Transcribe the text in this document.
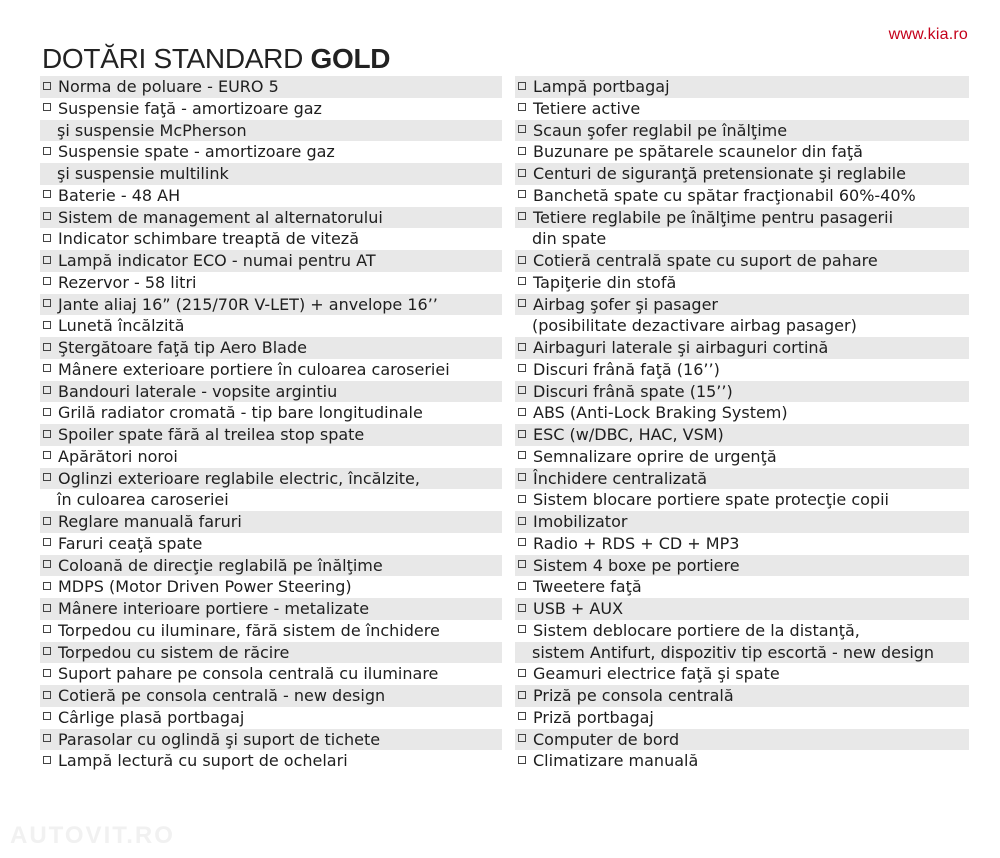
www.kia.ro
DOTĂRI STANDARD GOLD
Norma de poluare - EURO 5
Suspensie faţă - amortizoare gaz
şi suspensie McPherson
Suspensie spate - amortizoare gaz
şi suspensie multilink
Baterie - 48 AH
Sistem de management al alternatorului
Indicator schimbare treaptă de viteză
Lampă indicator ECO - numai pentru AT
Rezervor - 58 litri
Jante aliaj 16” (215/70R V-LET) + anvelope 16’’
Lunetă încălzită
Ştergătoare faţă tip Aero Blade
Mânere exterioare portiere în culoarea caroseriei
Bandouri laterale - vopsite argintiu
Grilă radiator cromată - tip bare longitudinale
Spoiler spate fără al treilea stop spate
Apărători noroi
Oglinzi exterioare reglabile electric, încălzite,
în culoarea caroseriei
Reglare manuală faruri
Faruri ceaţă spate
Coloană de direcţie reglabilă pe înălţime
MDPS (Motor Driven Power Steering)
Mânere interioare portiere - metalizate
Torpedou cu iluminare, fără sistem de închidere
Torpedou cu sistem de răcire
Suport pahare pe consola centrală cu iluminare
Cotieră pe consola centrală - new design
Cârlige plasă portbagaj
Parasolar cu oglindă şi suport de tichete
Lampă lectură cu suport de ochelari
Lampă portbagaj
Tetiere active
Scaun şofer reglabil pe înălţime
Buzunare pe spătarele scaunelor din faţă
Centuri de siguranţă pretensionate şi reglabile
Banchetă spate cu spătar fracţionabil 60%-40%
Tetiere reglabile pe înălţime pentru pasagerii
din spate
Cotieră centrală spate cu suport de pahare
Tapiţerie din stofă
Airbag şofer şi pasager
(posibilitate dezactivare airbag pasager)
Airbaguri laterale şi airbaguri cortină
Discuri frână faţă (16’’)
Discuri frână spate (15’’)
ABS (Anti-Lock Braking System)
ESC (w/DBC, HAC, VSM)
Semnalizare oprire de urgenţă
Închidere centralizată
Sistem blocare portiere spate protecţie copii
Imobilizator
Radio + RDS + CD + MP3
Sistem 4 boxe pe portiere
Tweetere faţă
USB + AUX
Sistem deblocare portiere de la distanţă,
sistem Antifurt, dispozitiv tip escortă - new design
Geamuri electrice faţă şi spate
Priză pe consola centrală
Priză portbagaj
Computer de bord
Climatizare manuală
AUTOVIT.RO
